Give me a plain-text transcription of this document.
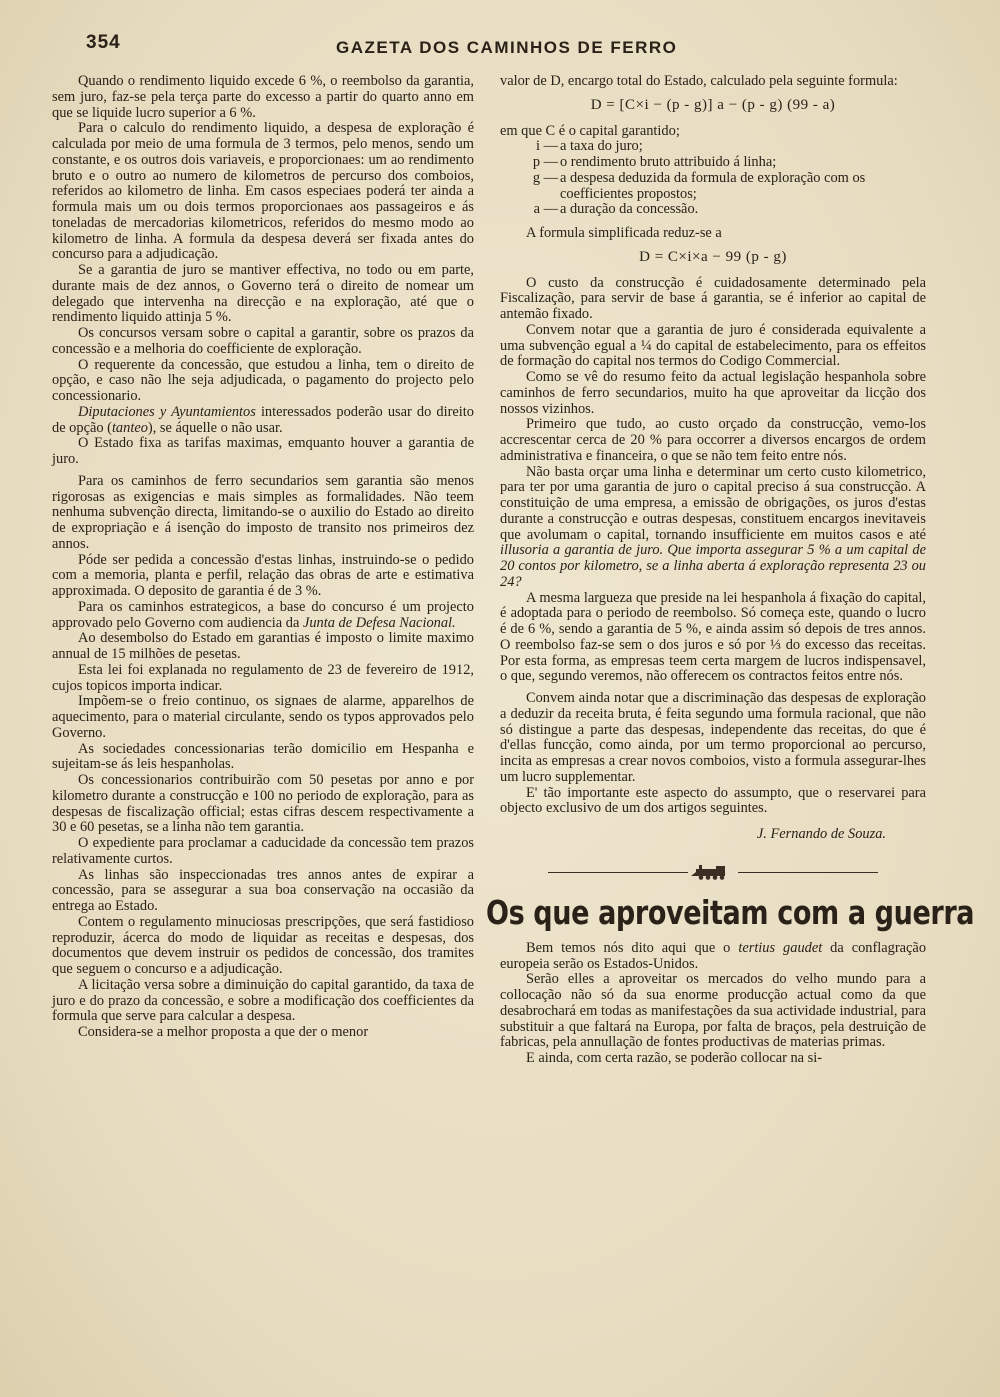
354	GAZETA DOS CAMINHOS DE FERRO

Quando o rendimento liquido excede 6 %, o reembolso da garantia, sem juro, faz-se pela terça parte do excesso a partir do quarto anno em que se liquide lucro superior a 6 %.

Para o calculo do rendimento liquido, a despesa de exploração é calculada por meio de uma formula de 3 termos, pelo menos, sendo um constante, e os outros dois variaveis, e proporcionaes: um ao rendimento bruto e o outro ao numero de kilometros de percurso dos comboios, referidos ao kilometro de linha. Em casos especiaes poderá ter ainda a formula mais um ou dois termos proporcionaes aos passageiros e ás toneladas de mercadorias kilometricos, referidos do mesmo modo ao kilometro de linha. A formula da despesa deverá ser fixada antes do concurso para a adjudicação.

Se a garantia de juro se mantiver effectiva, no todo ou em parte, durante mais de dez annos, o Governo terá o direito de nomear um delegado que intervenha na direcção e na exploração, até que o rendimento liquido attinja 5 %.

Os concursos versam sobre o capital a garantir, sobre os prazos da concessão e a melhoria do coefficiente de exploração.

O requerente da concessão, que estudou a linha, tem o direito de opção, e caso não lhe seja adjudicada, o pagamento do projecto pelo concessionario.

Diputaciones y Ayuntamientos interessados poderão usar do direito de opção (tanteo), se áquelle o não usar.

O Estado fixa as tarifas maximas, emquanto houver a garantia de juro.

Para os caminhos de ferro secundarios sem garantia são menos rigorosas as exigencias e mais simples as formalidades. Não teem nenhuma subvenção directa, limitando-se o auxilio do Estado ao direito de expropriação e á isenção do imposto de transito nos primeiros dez annos.

Póde ser pedida a concessão d'estas linhas, instruindo-se o pedido com a memoria, planta e perfil, relação das obras de arte e estimativa approximada. O deposito de garantia é de 3 %.

Para os caminhos estrategicos, a base do concurso é um projecto approvado pelo Governo com audiencia da Junta de Defesa Nacional.

Ao desembolso do Estado em garantias é imposto o limite maximo annual de 15 milhões de pesetas.

Esta lei foi explanada no regulamento de 23 de fevereiro de 1912, cujos topicos importa indicar.

Impõem-se o freio continuo, os signaes de alarme, apparelhos de aquecimento, para o material circulante, sendo os typos approvados pelo Governo.

As sociedades concessionarias terão domicilio em Hespanha e sujeitam-se ás leis hespanholas.

Os concessionarios contribuirão com 50 pesetas por anno e por kilometro durante a construcção e 100 no periodo de exploração, para as despesas de fiscalização official; estas cifras descem respectivamente a 30 e 60 pesetas, se a linha não tem garantia.

O expediente para proclamar a caducidade da concessão tem prazos relativamente curtos.

As linhas são inspeccionadas tres annos antes de expirar a concessão, para se assegurar a sua boa conservação na occasião da entrega ao Estado.

Contem o regulamento minuciosas prescripções, que será fastidioso reproduzir, ácerca do modo de liquidar as receitas e despesas, dos documentos que devem instruir os pedidos de concessão, dos tramites que seguem o concurso e a adjudicação.

A licitação versa sobre a diminuição do capital garantido, da taxa de juro e do prazo da concessão, e sobre a modificação dos coefficientes da formula que serve para calcular a despesa.

Considera-se a melhor proposta a que der o menor

valor de D, encargo total do Estado, calculado pela seguinte formula:

D = [C×i − (p - g)] a − (p - g) (99 - a)

em que C é o capital garantido;

i — a taxa do juro;
p — o rendimento bruto attribuido á linha;
g — a despesa deduzida da formula de exploração com os coefficientes propostos;
a — a duração da concessão.

A formula simplificada reduz-se a

D = C×i×a − 99 (p - g)

O custo da construcção é cuidadosamente determinado pela Fiscalização, para servir de base á garantia, se é inferior ao capital de antemão fixado.

Convem notar que a garantia de juro é considerada equivalente a uma subvenção egual a ¼ do capital de estabelecimento, para os effeitos de formação do capital nos termos do Codigo Commercial.

Como se vê do resumo feito da actual legislação hespanhola sobre caminhos de ferro secundarios, muito ha que aproveitar da licção dos nossos vizinhos.

Primeiro que tudo, ao custo orçado da construcção, vemo-los accrescentar cerca de 20 % para occorrer a diversos encargos de ordem administrativa e financeira, o que se não tem feito entre nós.

Não basta orçar uma linha e determinar um certo custo kilometrico, para ter por uma garantia de juro o capital preciso á sua construcção. A constituição de uma empresa, a emissão de obrigações, os juros d'estas durante a construcção e outras despesas, constituem encargos inevitaveis que avolumam o capital, tornando insufficiente em muitos casos e até illusoria a garantia de juro. Que importa assegurar 5 % a um capital de 20 contos por kilometro, se a linha aberta á exploração representa 23 ou 24?

A mesma largueza que preside na lei hespanhola á fixação do capital, é adoptada para o periodo de reembolso. Só começa este, quando o lucro é de 6 %, sendo a garantia de 5 %, e ainda assim só depois de tres annos. O reembolso faz-se sem o dos juros e só por ⅓ do excesso das receitas. Por esta forma, as empresas teem certa margem de lucros indispensavel, o que, segundo veremos, não offerecem os contractos feitos entre nós.

Convem ainda notar que a discriminação das despesas de exploração a deduzir da receita bruta, é feita segundo uma formula racional, que não só distingue a parte das despesas, independente das receitas, do que é d'ellas funcção, como ainda, por um termo proporcional ao percurso, incita as empresas a crear novos comboios, visto a formula assegurar-lhes um lucro supplementar.

E' tão importante este aspecto do assumpto, que o reservarei para objecto exclusivo de um dos artigos seguintes.

J. Fernando de Souza.
Os que aproveitam com a guerra

Bem temos nós dito aqui que o tertius gaudet da conflagração europeia serão os Estados-Unidos.

Serão elles a aproveitar os mercados do velho mundo para a collocação não só da sua enorme producção actual como da que desabrochará em todas as manifestações da sua actividade industrial, para substituir a que faltará na Europa, por falta de braços, pela destruição de fabricas, pela annullação de fontes productivas de materias primas.

E ainda, com certa razão, se poderão collocar na si-
